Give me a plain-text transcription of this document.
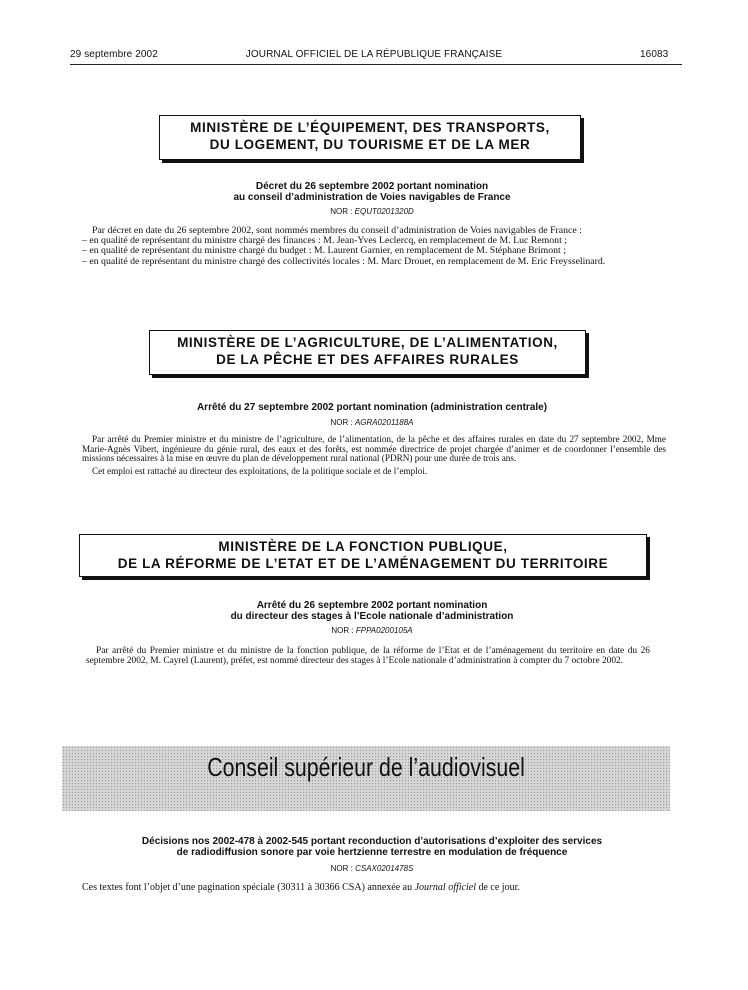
29 septembre 2002	JOURNAL OFFICIEL DE LA RÉPUBLIQUE FRANÇAISE	16083
MINISTÈRE DE L’ÉQUIPEMENT, DES TRANSPORTS,
DU LOGEMENT, DU TOURISME ET DE LA MER
Décret du 26 septembre 2002 portant nomination
au conseil d’administration de Voies navigables de France
NOR : EQUT0201320D

Par décret en date du 26 septembre 2002, sont nommés membres du conseil d’administration de Voies navigables de France :

– en qualité de représentant du ministre chargé des finances : M. Jean-Yves Leclercq, en remplacement de M. Luc Remont ;

– en qualité de représentant du ministre chargé du budget : M. Laurent Garnier, en remplacement de M. Stéphane Brimont ;

– en qualité de représentant du ministre chargé des collectivités locales : M. Marc Drouet, en remplacement de M. Eric Freysselinard.

MINISTÈRE DE L’AGRICULTURE, DE L’ALIMENTATION,
DE LA PÊCHE ET DES AFFAIRES RURALES
Arrêté du 27 septembre 2002 portant nomination (administration centrale)
NOR : AGRA0201188A

Par arrêté du Premier ministre et du ministre de l’agriculture, de l’alimentation, de la pêche et des affaires rurales en date du 27 septembre 2002, Mme Marie-Agnès Vibert, ingénieure du génie rural, des eaux et des forêts, est nommée directrice de projet chargée d’animer et de coordonner l’ensemble des missions nécessaires à la mise en œuvre du plan de développement rural national (PDRN) pour une durée de trois ans.

Cet emploi est rattaché au directeur des exploitations, de la politique sociale et de l’emploi.

MINISTÈRE DE LA FONCTION PUBLIQUE,
DE LA RÉFORME DE L’ETAT ET DE L’AMÉNAGEMENT DU TERRITOIRE
Arrêté du 26 septembre 2002 portant nomination
du directeur des stages à l’Ecole nationale d’administration
NOR : FPPA0200105A

Par arrêté du Premier ministre et du ministre de la fonction publique, de la réforme de l’Etat et de l’aménagement du territoire en date du 26 septembre 2002, M. Cayrel (Laurent), préfet, est nommé directeur des stages à l’Ecole nationale d’administration à compter du 7 octobre 2002.

Conseil supérieur de l’audiovisuel
Décisions nos 2002-478 à 2002-545 portant reconduction d’autorisations d’exploiter des services
de radiodiffusion sonore par voie hertzienne terrestre en modulation de fréquence
NOR : CSAX0201478S
Ces textes font l’objet d’une pagination spéciale (30311 à 30366 CSA) annexée au Journal officiel de ce jour.
